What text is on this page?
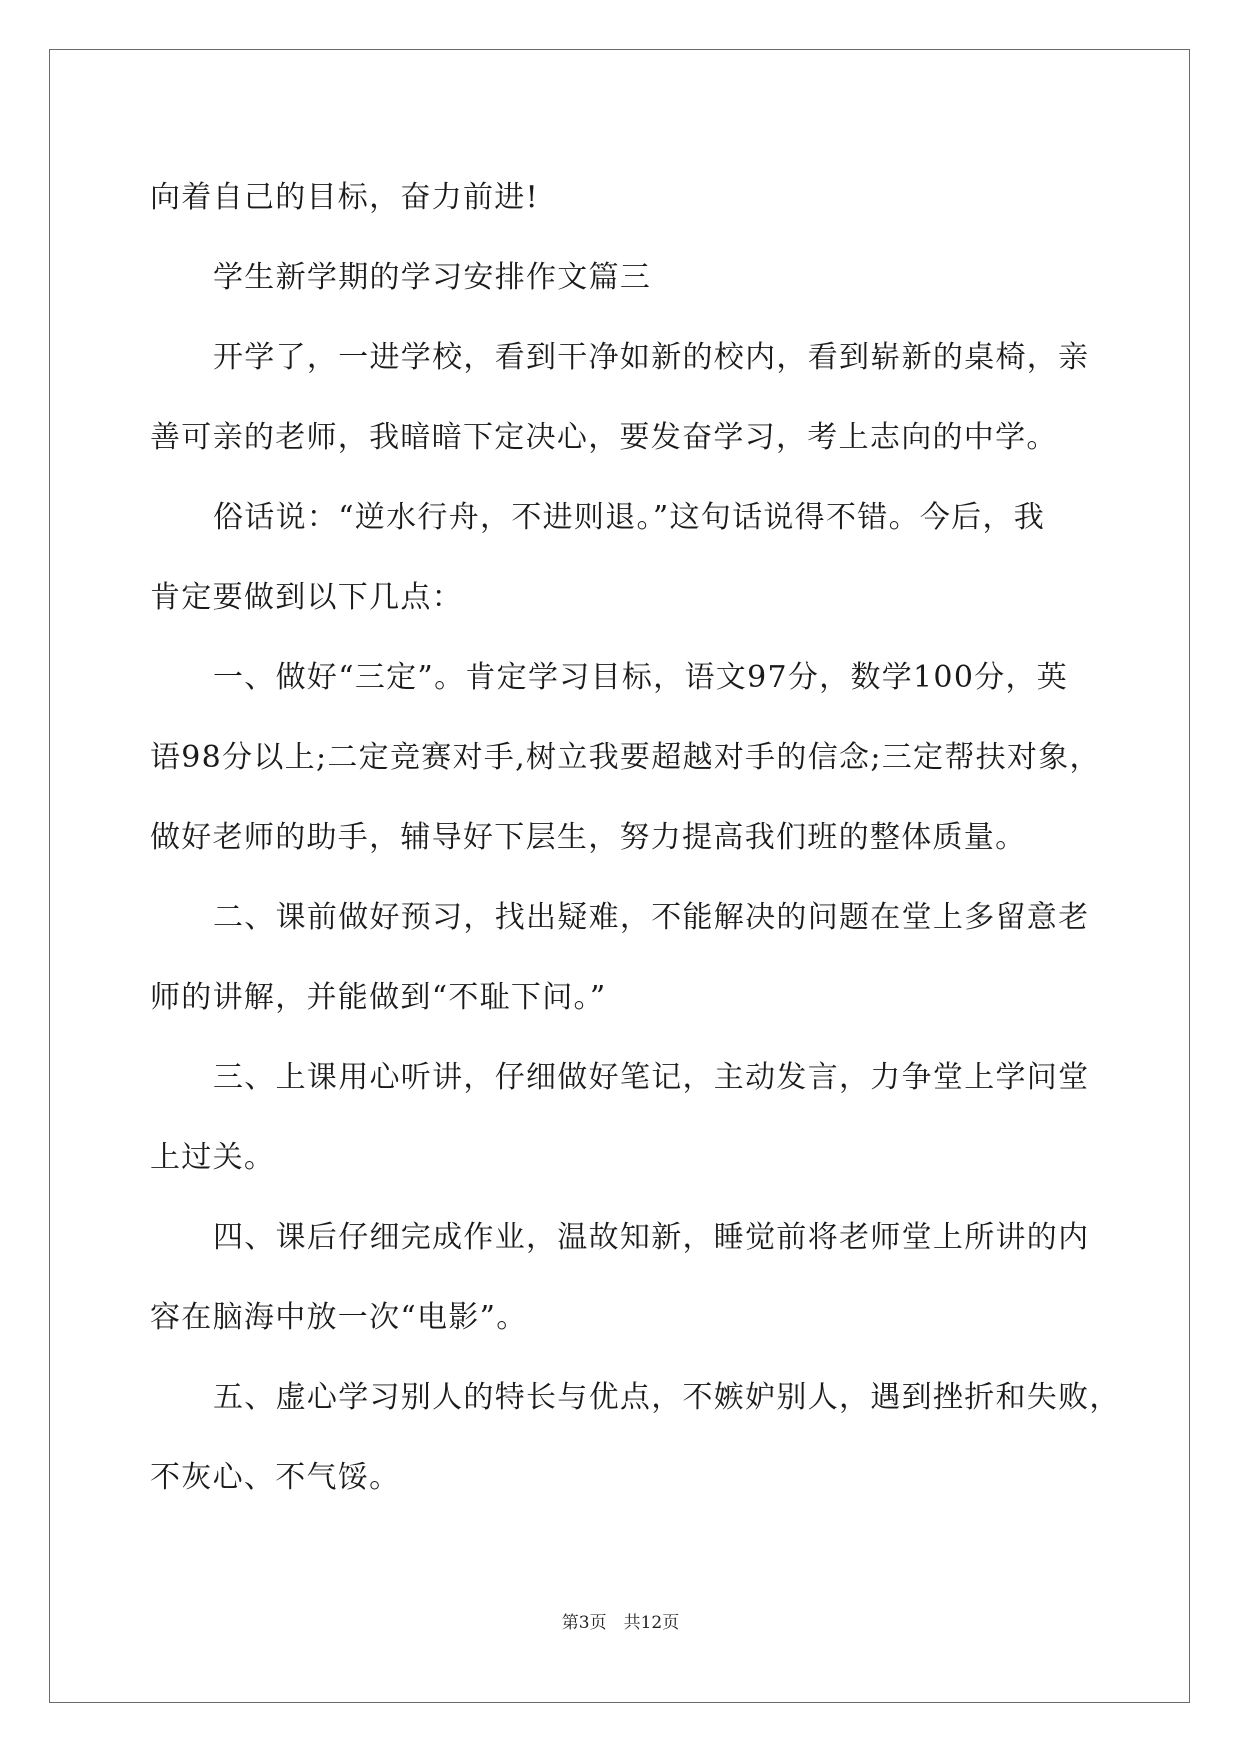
向着自己的目标，奋力前进!
学生新学期的学习安排作文篇三
开学了，一进学校，看到干净如新的校内，看到崭新的桌椅，亲
善可亲的老师，我暗暗下定决心，要发奋学习，考上志向的中学。
俗话说：“逆水行舟，不进则退。”这句话说得不错。今后，我
肯定要做到以下几点：
一、做好“三定”。肯定学习目标，语文97分，数学100分，英
语98分以上;二定竞赛对手,树立我要超越对手的信念;三定帮扶对象，
做好老师的助手，辅导好下层生，努力提高我们班的整体质量。
二、课前做好预习，找出疑难，不能解决的问题在堂上多留意老
师的讲解，并能做到“不耻下问。”
三、上课用心听讲，仔细做好笔记，主动发言，力争堂上学问堂
上过关。
四、课后仔细完成作业，温故知新，睡觉前将老师堂上所讲的内
容在脑海中放一次“电影”。
五、虚心学习别人的特长与优点，不嫉妒别人，遇到挫折和失败，
不灰心、不气馁。
第3页　共12页
